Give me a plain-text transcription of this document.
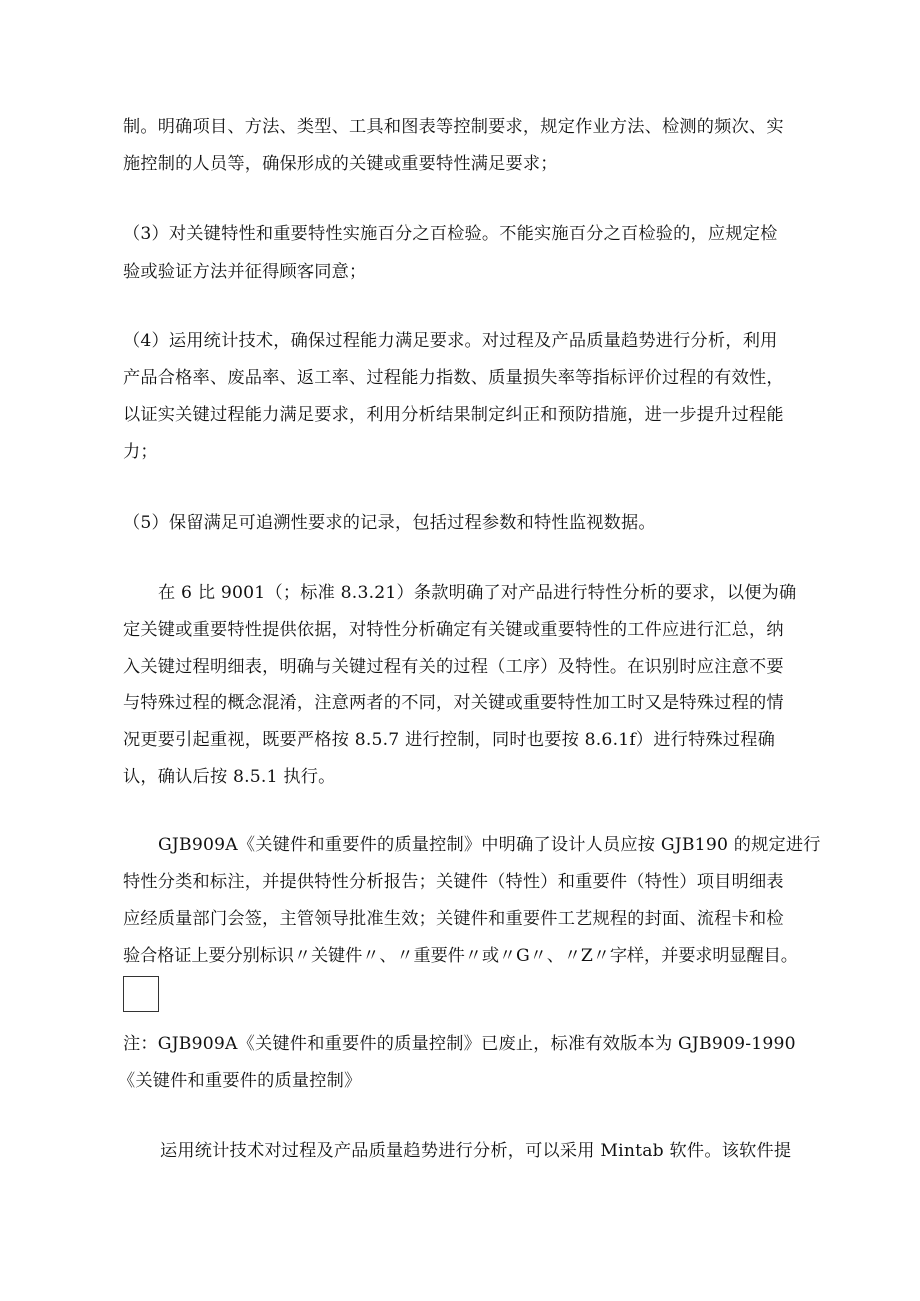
制。明确项目、方法、类型、工具和图表等控制要求，规定作业方法、检测的频次、实
施控制的人员等，确保形成的关键或重要特性满足要求；
（3）对关键特性和重要特性实施百分之百检验。不能实施百分之百检验的，应规定检
验或验证方法并征得顾客同意；
（4）运用统计技术，确保过程能力满足要求。对过程及产品质量趋势进行分析，利用
产品合格率、废品率、返工率、过程能力指数、质量损失率等指标评价过程的有效性，
以证实关键过程能力满足要求，利用分析结果制定纠正和预防措施，进一步提升过程能
力；
（5）保留满足可追溯性要求的记录，包括过程参数和特性监视数据。
在 6 比 9001（；标准 8.3.21）条款明确了对产品进行特性分析的要求，以便为确
定关键或重要特性提供依据，对特性分析确定有关键或重要特性的工件应进行汇总，纳
入关键过程明细表，明确与关键过程有关的过程（工序）及特性。在识别时应注意不要
与特殊过程的概念混淆，注意两者的不同，对关键或重要特性加工时又是特殊过程的情
况更要引起重视，既要严格按 8.5.7 进行控制，同时也要按 8.6.1f）进行特殊过程确
认，确认后按 8.5.1 执行。
GJB909A《关键件和重要件的质量控制》中明确了设计人员应按 GJB190 的规定进行
特性分类和标注，并提供特性分析报告；关键件（特性）和重要件（特性）项目明细表
应经质量部门会签，主管领导批准生效；关键件和重要件工艺规程的封面、流程卡和检
验合格证上要分别标识〃关键件〃、〃重要件〃或〃G〃、〃Z〃字样，并要求明显醒目。
注：GJB909A《关键件和重要件的质量控制》已废止，标准有效版本为 GJB909-1990
《关键件和重要件的质量控制》
运用统计技术对过程及产品质量趋势进行分析，可以采用 Mintab 软件。该软件提
